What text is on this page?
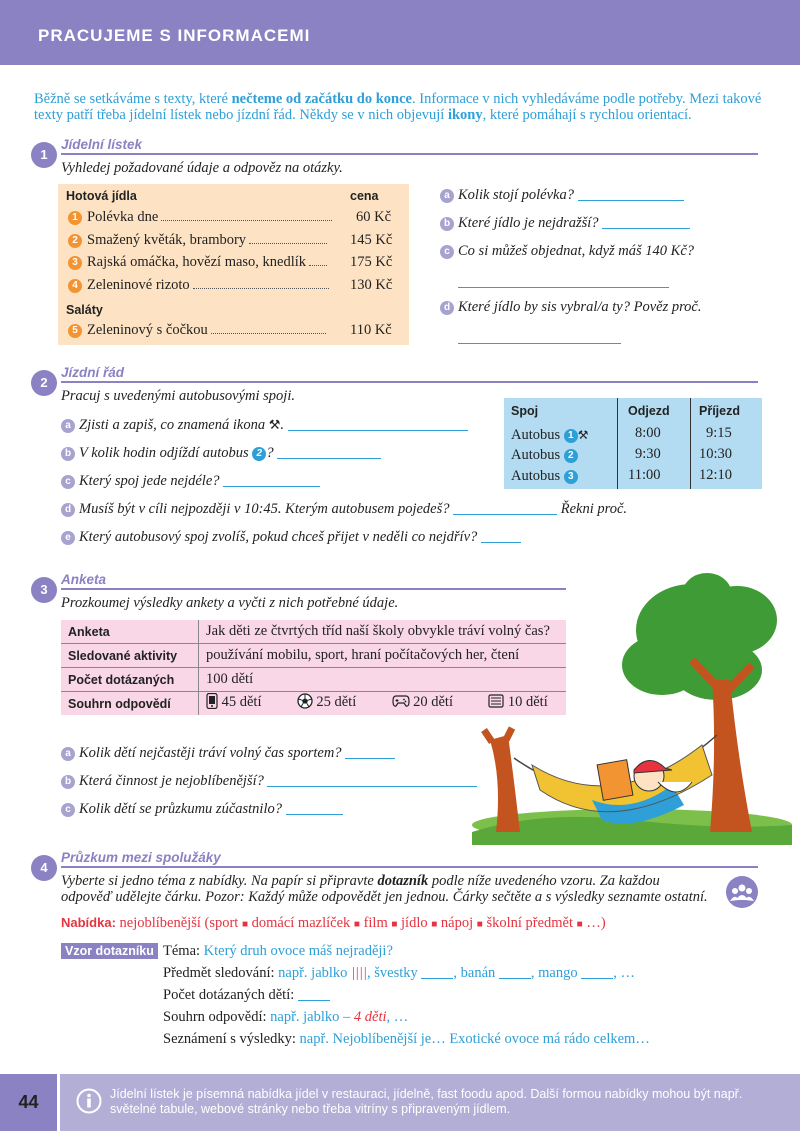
PRACUJEME S INFORMACEMI
Běžně se setkáváme s texty, které nečteme od začátku do konce. Informace v nich vyhledáváme podle potřeby. Mezi takové texty patří třeba jídelní lístek nebo jízdní řád. Někdy se v nich objevují ikony, které pomáhají s rychlou orientací.
1
Jídelní lístek
Vyhledej požadované údaje a odpověz na otázky.
Hotová jídla	cena
1 Polévka dne	60 Kč
2 Smažený květák, brambory	145 Kč
3 Rajská omáčka, hovězí maso, knedlík	175 Kč
4 Zeleninové rizoto	130 Kč
Saláty
5 Zeleninový s čočkou	110 Kč
a Kolik stojí polévka?
b Které jídlo je nejdražší?
c Co si můžeš objednat, když máš 140 Kč?
d Které jídlo by sis vybral/a ty? Pověz proč.
2
Jízdní řád
Pracuj s uvedenými autobusovými spoji.
a Zjisti a zapiš, co znamená ikona ⚒.
b V kolik hodin odjíždí autobus 2 ?
c Který spoj jede nejdéle?
d Musíš být v cíli nejpozději v 10:45. Kterým autobusem pojedeš?	Řekni proč.
e Který autobusový spoj zvolíš, pokud chceš přijet v neděli co nejdřív?
Spoj	Odjezd Příjezd
Autobus 1 ⚒	8:00	9:15
Autobus 2	9:30	10:30
Autobus 3	11:00	12:10
3
Anketa
Prozkoumej výsledky ankety a vyčti z nich potřebné údaje.
Anketa	Jak děti ze čtvrtých tříd naší školy obvykle tráví volný čas?
Sledované aktivity	používání mobilu, sport, hraní počítačových her, čtení
Počet dotázaných	100 dětí
Souhrn odpovědí	45 dětí 25 dětí 20 dětí 10 dětí
a Kolik dětí nejčastěji tráví volný čas sportem?
b Která činnost je nejoblíbenější?
c Kolik dětí se průzkumu zúčastnilo?
4
Průzkum mezi spolužáky
Vyberte si jedno téma z nabídky. Na papír si připravte dotazník podle níže uvedeného vzoru. Za každou odpověď udělejte čárku. Pozor: Každý může odpovědět jen jednou. Čárky sečtěte a s výsledky seznamte ostatní.
Nabídka: nejoblíbenější (sport ■ domácí mazlíček ■ film ■ jídlo ■ nápoj ■ školní předmět ■ …)
Vzor dotazníku Téma: Který druh ovoce máš nejraději?
Předmět sledování: např. jablko ||||, švestky , banán , mango , …
Počet dotázaných dětí:
Souhrn odpovědí: např. jablko – 4 děti, …
Seznámení s výsledky: např. Nejoblíbenější je… Exotické ovoce má rádo celkem…
44	Jídelní lístek je písemná nabídka jídel v restauraci, jídelně, fast foodu apod. Další formou nabídky mohou být např. světelné tabule, webové stránky nebo třeba vitríny s připraveným jídlem.
